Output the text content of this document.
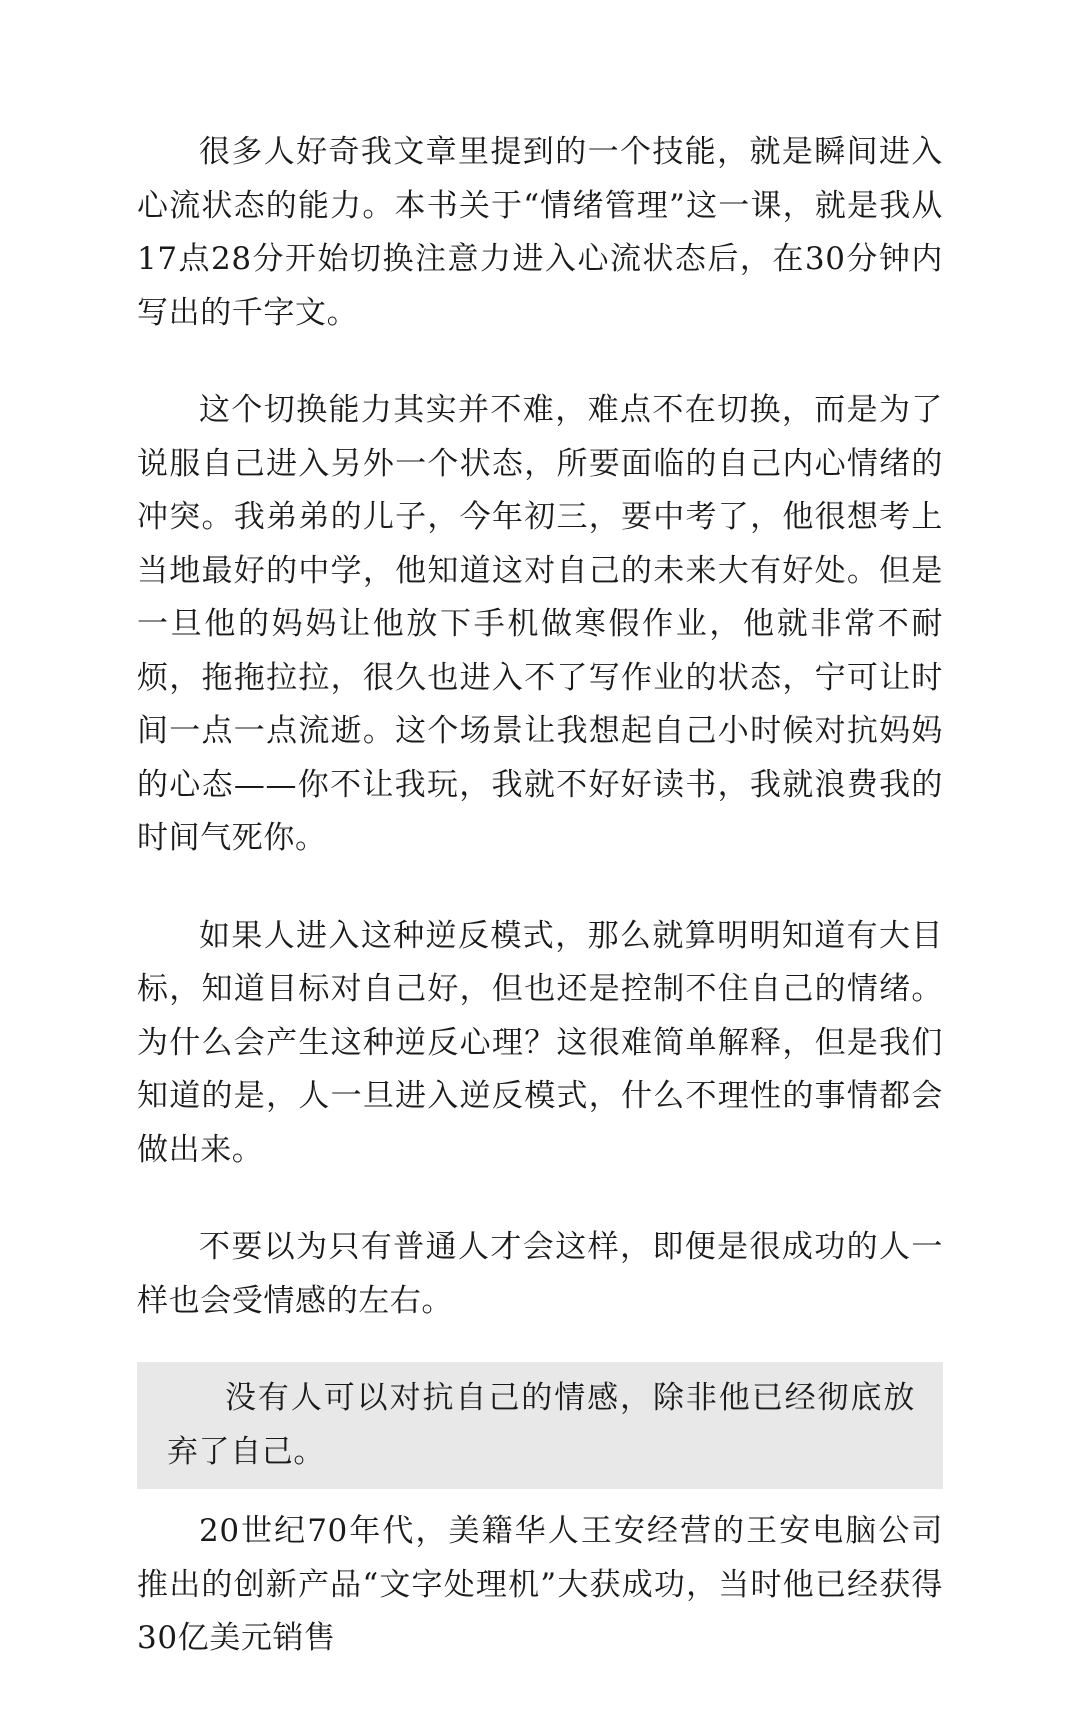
很多人好奇我文章里提到的一个技能，就是瞬间进入心流状态的能力。本书关于“情绪管理”这一课，就是我从17点28分开始切换注意力进入心流状态后，在30分钟内写出的千字文。

这个切换能力其实并不难，难点不在切换，而是为了说服自己进入另外一个状态，所要面临的自己内心情绪的冲突。我弟弟的儿子，今年初三，要中考了，他很想考上当地最好的中学，他知道这对自己的未来大有好处。但是一旦他的妈妈让他放下手机做寒假作业，他就非常不耐烦，拖拖拉拉，很久也进入不了写作业的状态，宁可让时间一点一点流逝。这个场景让我想起自己小时候对抗妈妈的心态——你不让我玩，我就不好好读书，我就浪费我的时间气死你。

如果人进入这种逆反模式，那么就算明明知道有大目标，知道目标对自己好，但也还是控制不住自己的情绪。为什么会产生这种逆反心理？这很难简单解释，但是我们知道的是，人一旦进入逆反模式，什么不理性的事情都会做出来。

不要以为只有普通人才会这样，即便是很成功的人一样也会受情感的左右。

没有人可以对抗自己的情感，除非他已经彻底放弃了自己。

20世纪70年代，美籍华人王安经营的王安电脑公司推出的创新产品“文字处理机”大获成功，当时他已经获得30亿美元销售
